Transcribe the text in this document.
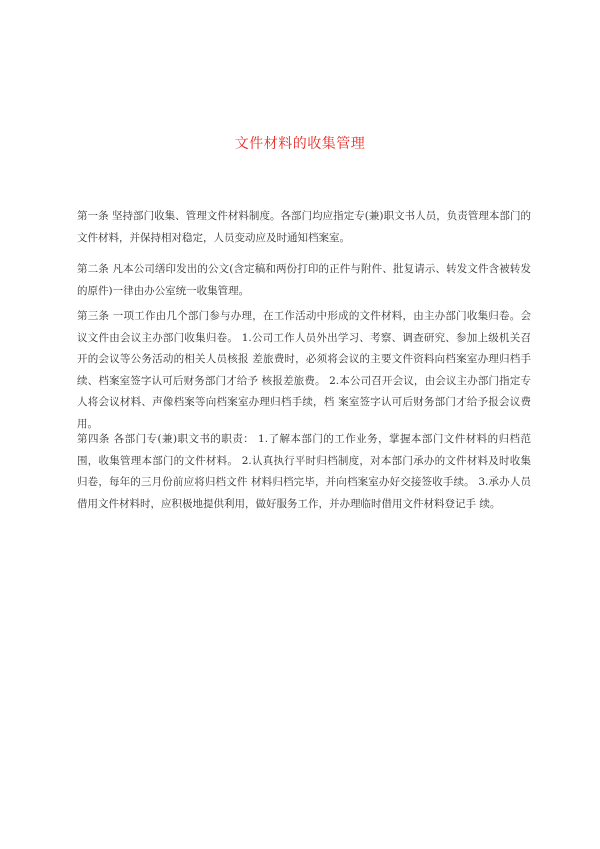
文件材料的收集管理
第一条 坚持部门收集、管理文件材料制度。各部门均应指定专(兼)职文书人员，负责管理本部门的文件材料，并保持相对稳定，人员变动应及时通知档案室。
第二条 凡本公司缮印发出的公文(含定稿和两份打印的正件与附件、批复请示、转发文件含被转发的原件)一律由办公室统一收集管理。
第三条 一项工作由几个部门参与办理，在工作活动中形成的文件材料，由主办部门收集归卷。会议文件由会议主办部门收集归卷。 1.公司工作人员外出学习、考察、调查研究、参加上级机关召开的会议等公务活动的相关人员核报 差旅费时，必须将会议的主要文件资料向档案室办理归档手续、档案室签字认可后财务部门才给予 核报差旅费。 2.本公司召开会议，由会议主办部门指定专人将会议材料、声像档案等向档案室办理归档手续，档 案室签字认可后财务部门才给予报会议费用。
第四条 各部门专(兼)职文书的职责： 1.了解本部门的工作业务，掌握本部门文件材料的归档范围，收集管理本部门的文件材料。 2.认真执行平时归档制度，对本部门承办的文件材料及时收集归卷，每年的三月份前应将归档文件 材料归档完毕，并向档案室办好交接签收手续。 3.承办人员借用文件材料时，应积极地提供利用，做好服务工作，并办理临时借用文件材料登记手 续。
